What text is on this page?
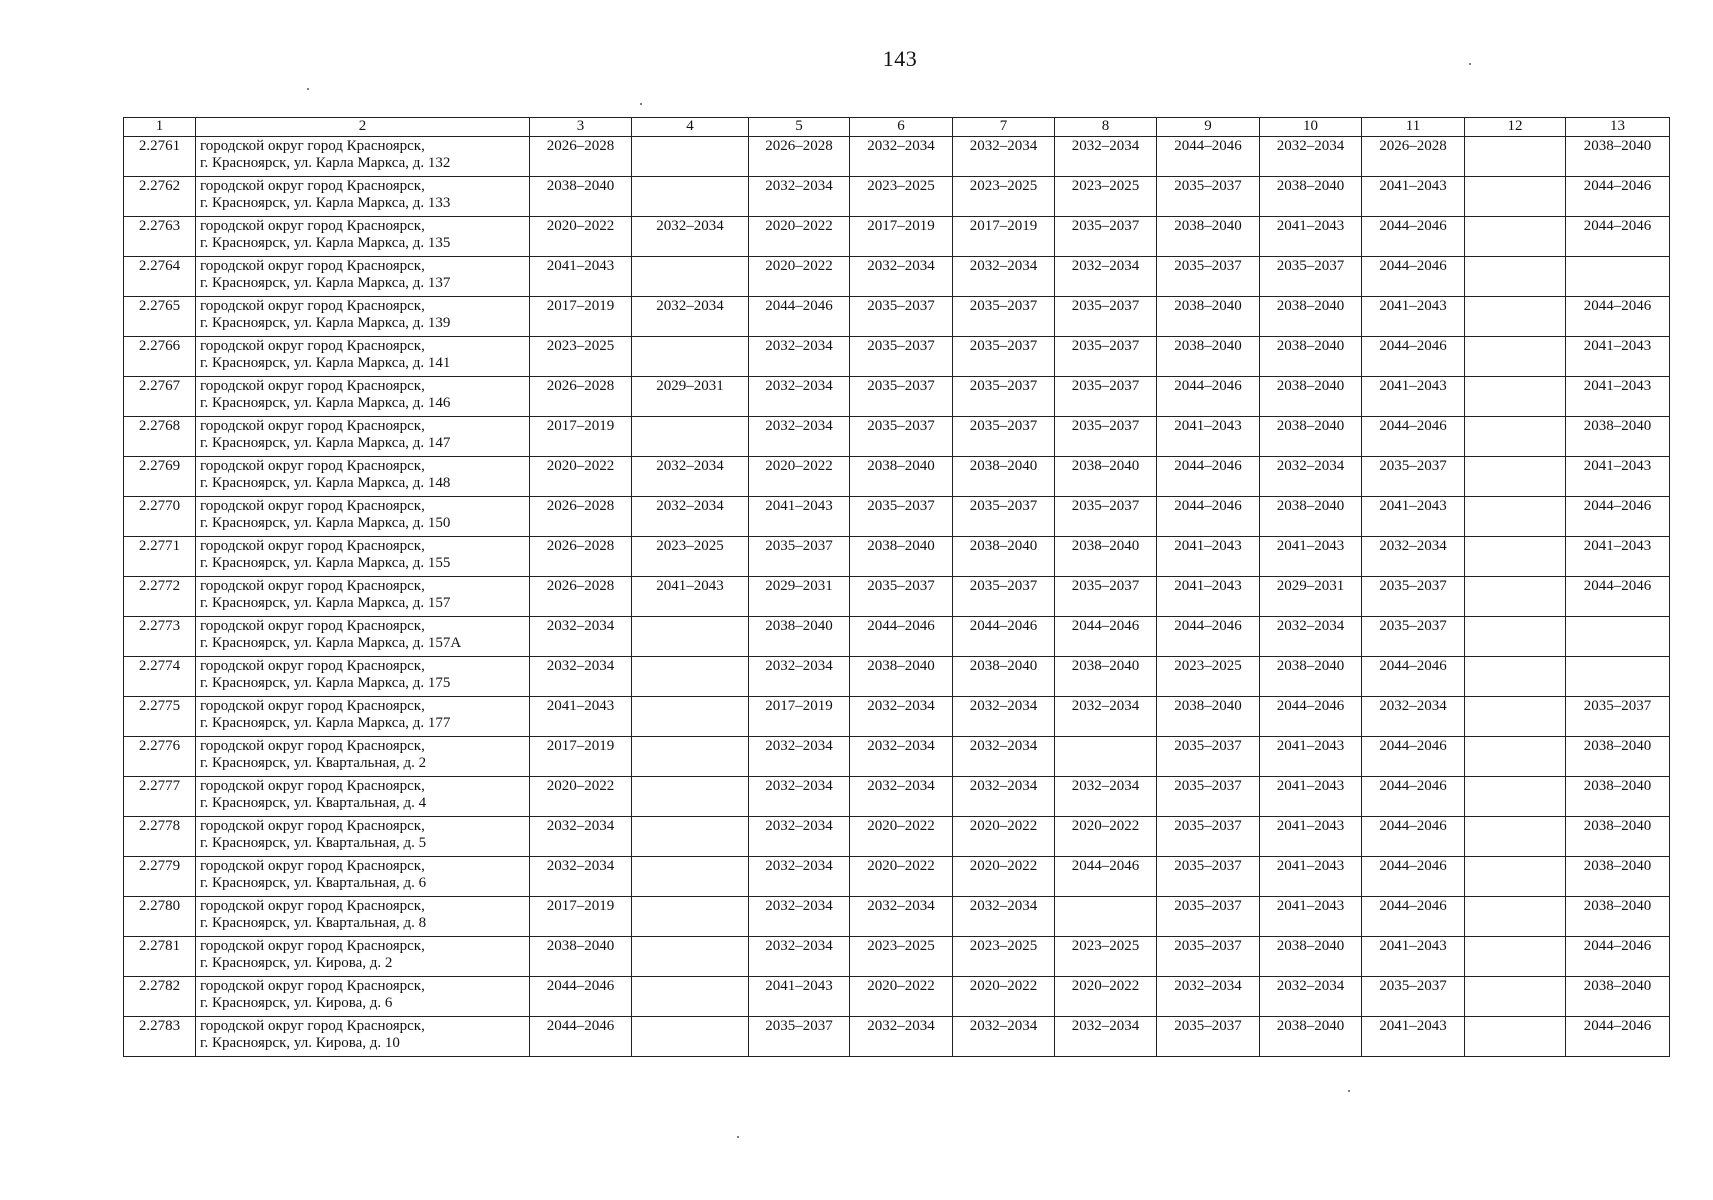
143
1	2	3	4	5	6	7	8	9	10	11	12	13
2.2761	городской округ город Красноярск,
г. Красноярск, ул. Карла Маркса, д. 132	2026–2028		2026–2028	2032–2034	2032–2034	2032–2034	2044–2046	2032–2034	2026–2028		2038–2040
2.2762	городской округ город Красноярск,
г. Красноярск, ул. Карла Маркса, д. 133	2038–2040		2032–2034	2023–2025	2023–2025	2023–2025	2035–2037	2038–2040	2041–2043		2044–2046
2.2763	городской округ город Красноярск,
г. Красноярск, ул. Карла Маркса, д. 135	2020–2022	2032–2034	2020–2022	2017–2019	2017–2019	2035–2037	2038–2040	2041–2043	2044–2046		2044–2046
2.2764	городской округ город Красноярск,
г. Красноярск, ул. Карла Маркса, д. 137	2041–2043		2020–2022	2032–2034	2032–2034	2032–2034	2035–2037	2035–2037	2044–2046		
2.2765	городской округ город Красноярск,
г. Красноярск, ул. Карла Маркса, д. 139	2017–2019	2032–2034	2044–2046	2035–2037	2035–2037	2035–2037	2038–2040	2038–2040	2041–2043		2044–2046
2.2766	городской округ город Красноярск,
г. Красноярск, ул. Карла Маркса, д. 141	2023–2025		2032–2034	2035–2037	2035–2037	2035–2037	2038–2040	2038–2040	2044–2046		2041–2043
2.2767	городской округ город Красноярск,
г. Красноярск, ул. Карла Маркса, д. 146	2026–2028	2029–2031	2032–2034	2035–2037	2035–2037	2035–2037	2044–2046	2038–2040	2041–2043		2041–2043
2.2768	городской округ город Красноярск,
г. Красноярск, ул. Карла Маркса, д. 147	2017–2019		2032–2034	2035–2037	2035–2037	2035–2037	2041–2043	2038–2040	2044–2046		2038–2040
2.2769	городской округ город Красноярск,
г. Красноярск, ул. Карла Маркса, д. 148	2020–2022	2032–2034	2020–2022	2038–2040	2038–2040	2038–2040	2044–2046	2032–2034	2035–2037		2041–2043
2.2770	городской округ город Красноярск,
г. Красноярск, ул. Карла Маркса, д. 150	2026–2028	2032–2034	2041–2043	2035–2037	2035–2037	2035–2037	2044–2046	2038–2040	2041–2043		2044–2046
2.2771	городской округ город Красноярск,
г. Красноярск, ул. Карла Маркса, д. 155	2026–2028	2023–2025	2035–2037	2038–2040	2038–2040	2038–2040	2041–2043	2041–2043	2032–2034		2041–2043
2.2772	городской округ город Красноярск,
г. Красноярск, ул. Карла Маркса, д. 157	2026–2028	2041–2043	2029–2031	2035–2037	2035–2037	2035–2037	2041–2043	2029–2031	2035–2037		2044–2046
2.2773	городской округ город Красноярск,
г. Красноярск, ул. Карла Маркса, д. 157А	2032–2034		2038–2040	2044–2046	2044–2046	2044–2046	2044–2046	2032–2034	2035–2037		
2.2774	городской округ город Красноярск,
г. Красноярск, ул. Карла Маркса, д. 175	2032–2034		2032–2034	2038–2040	2038–2040	2038–2040	2023–2025	2038–2040	2044–2046		
2.2775	городской округ город Красноярск,
г. Красноярск, ул. Карла Маркса, д. 177	2041–2043		2017–2019	2032–2034	2032–2034	2032–2034	2038–2040	2044–2046	2032–2034		2035–2037
2.2776	городской округ город Красноярск,
г. Красноярск, ул. Квартальная, д. 2	2017–2019		2032–2034	2032–2034	2032–2034		2035–2037	2041–2043	2044–2046		2038–2040
2.2777	городской округ город Красноярск,
г. Красноярск, ул. Квартальная, д. 4	2020–2022		2032–2034	2032–2034	2032–2034	2032–2034	2035–2037	2041–2043	2044–2046		2038–2040
2.2778	городской округ город Красноярск,
г. Красноярск, ул. Квартальная, д. 5	2032–2034		2032–2034	2020–2022	2020–2022	2020–2022	2035–2037	2041–2043	2044–2046		2038–2040
2.2779	городской округ город Красноярск,
г. Красноярск, ул. Квартальная, д. 6	2032–2034		2032–2034	2020–2022	2020–2022	2044–2046	2035–2037	2041–2043	2044–2046		2038–2040
2.2780	городской округ город Красноярск,
г. Красноярск, ул. Квартальная, д. 8	2017–2019		2032–2034	2032–2034	2032–2034		2035–2037	2041–2043	2044–2046		2038–2040
2.2781	городской округ город Красноярск,
г. Красноярск, ул. Кирова, д. 2	2038–2040		2032–2034	2023–2025	2023–2025	2023–2025	2035–2037	2038–2040	2041–2043		2044–2046
2.2782	городской округ город Красноярск,
г. Красноярск, ул. Кирова, д. 6	2044–2046		2041–2043	2020–2022	2020–2022	2020–2022	2032–2034	2032–2034	2035–2037		2038–2040
2.2783	городской округ город Красноярск,
г. Красноярск, ул. Кирова, д. 10	2044–2046		2035–2037	2032–2034	2032–2034	2032–2034	2035–2037	2038–2040	2041–2043		2044–2046
